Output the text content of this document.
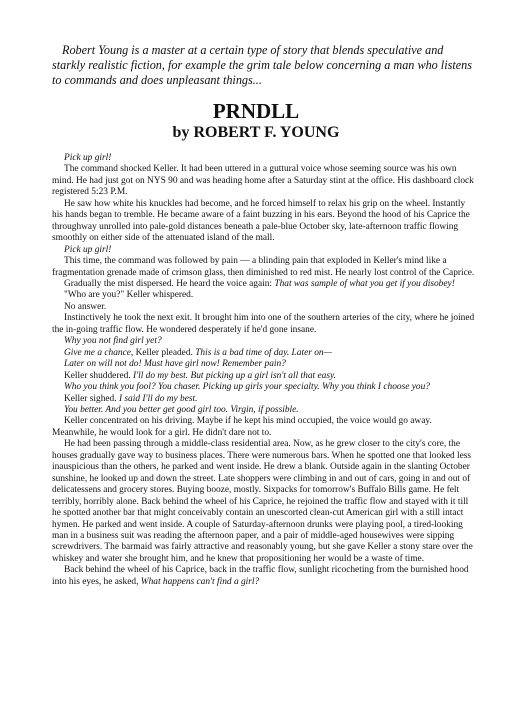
Robert Young is a master at a certain type of story that blends speculative and starkly realistic fiction, for example the grim tale below concerning a man who listens to commands and does unpleasant things...

PRNDLL
by ROBERT F. YOUNG

Pick up girl!

The command shocked Keller. It had been uttered in a guttural voice whose seeming source was his own mind. He had just got on NYS 90 and was heading home after a Saturday stint at the office. His dashboard clock registered 5:23 P.M.

He saw how white his knuckles had become, and he forced himself to relax his grip on the wheel. Instantly his hands began to tremble. He became aware of a faint buzzing in his ears. Beyond the hood of his Caprice the throughway unrolled into pale-gold distances beneath a pale-blue October sky, late-afternoon traffic flowing smoothly on either side of the attenuated island of the mall.

Pick up girl!

This time, the command was followed by pain — a blinding pain that exploded in Keller's mind like a fragmentation grenade made of crimson glass, then diminished to red mist. He nearly lost control of the Caprice.

Gradually the mist dispersed. He heard the voice again: That was sample of what you get if you disobey!

"Who are you?" Keller whispered.

No answer.

Instinctively he took the next exit. It brought him into one of the southern arteries of the city, where he joined the in-going traffic flow. He wondered desperately if he'd gone insane.

Why you not find girl yet?

Give me a chance, Keller pleaded. This is a bad time of day. Later on—

Later on will not do! Must have girl now! Remember pain?

Keller shuddered. I'll do my best. But picking up a girl isn't all that easy.

Who you think you fool? You chaser. Picking up girls your specialty. Why you think I choose you?

Keller sighed. I said I'll do my best.

You better. And you better get good girl too. Virgin, if possible.

Keller concentrated on his driving. Maybe if he kept his mind occupied, the voice would go away. Meanwhile, he would look for a girl. He didn't dare not to.

He had been passing through a middle-class residential area. Now, as he grew closer to the city's core, the houses gradually gave way to business places. There were numerous bars. When he spotted one that looked less inauspicious than the others, he parked and went inside. He drew a blank. Outside again in the slanting October sunshine, he looked up and down the street. Late shoppers were climbing in and out of cars, going in and out of delicatessens and grocery stores. Buying booze, mostly. Sixpacks for tomorrow's Buffalo Bills game. He felt terribly, horribly alone. Back behind the wheel of his Caprice, he rejoined the traffic flow and stayed with it till he spotted another bar that might conceivably contain an unescorted clean-cut American girl with a still intact hymen. He parked and went inside. A couple of Saturday-afternoon drunks were playing pool, a tired-looking man in a business suit was reading the afternoon paper, and a pair of middle-aged housewives were sipping screwdrivers. The barmaid was fairly attractive and reasonably young, but she gave Keller a stony stare over the whiskey and water she brought him, and he knew that propositioning her would be a waste of time.

Back behind the wheel of his Caprice, back in the traffic flow, sunlight ricocheting from the burnished hood into his eyes, he asked, What happens can't find a girl?
